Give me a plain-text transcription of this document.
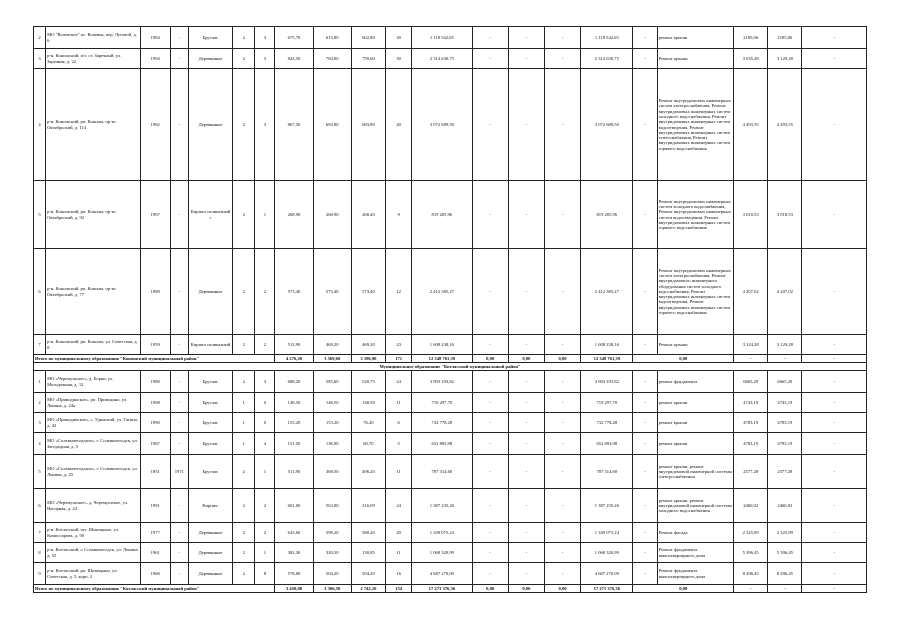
2	МО "Вочевское" пс. Вочевка, пер. Луговой, д. 6	1984	-	Брусчат.	2	3	675,70	615,80	602,80	30	1 118 542,65	-	-	-	1 118 542,65	-	ремонт крыши	2185,06	2185,06	-
3	р-н. Коношский, п/з. ст. Заречный, ул. Заречная, д. 22	1994	-	Деревянные	2	3	843,50	784,80	759,60	30	2 314 630,75	-	-	-	2 314 630,75	-	Ремонт крыши	3 635,28	3 129,28	-
4	р-н. Коношский, рп. Коноша, пр-кт. Октябрьский, д. 114	1982	-	Деревянные	2	3	867,30	693,80	683,80	40	3 072 689,50	-	-	-	3 072 689,50	-	Ремонт внутридомовых инженерных систем электроснабжения, Ремонт внутридомовых инженерных систем холодного водоснабжения, Ремонт внутридомовых инженерных систем водоотведения, Ремонт внутридомовых инженерных систем теплоснабжения, Ремонт внутридомовых инженерных систем горячего водоснабжения	4 493,55	4 493,55	-
5	р-н. Коношский, рп. Коноша, пр-кт. Октябрьский, д. 92	1997	-	Кирпич силикатный с	2	1	268,90	268,90	268,40	9	819 205,96	-	-	-	819 205,96	-	Ремонт внутридомовых инженерных систем холодного водоснабжения, Ремонт внутридомовых инженерных систем водоотведения, Ремонт внутридомовых инженерных систем горячего водоснабжения	3 018,53	3 018,53	-
6	р-н. Коношский, рп. Коноша, пр-кт. Октябрьский, д. 77	1989	-	Деревянные	2	2	573,40	573,40	573,40	12	2 412 385,27	-	-	-	2 412 385,27	-	Ремонт внутридомовых инженерных систем электроснабжения, Ремонт внутридомового инженерного оборудования систем холодного водоснабжения, Ремонт внутридомовых инженерных систем водоотведения, Ремонт внутридомовых инженерных систем горячего водоснабжения	4 207,02	4 207,02	-
7	р-н. Коношский, рп. Коноша, ул. Советская, д. 8	1959	-	Кирпич силикатный	2	2	513,90	469,20	469,20	23	1 608 238,16	-	-	-	1 608 238,16	-	Ремонт крыши	3 124,28	3 129,28	-
Итого по муниципальному образованию "Коношский муниципальный район"							4 276,20	3 569,60	3 186,90	171	12 348 761,39	0,00	0,00	0,00	12 348 761,39	0,00		-	-	-
Муниципальное образование "Котласский муниципальный район"																				
1	МО «Черемушское», д. Борки, ул. Молодежная, д. 12	1980	-	Брусчат.	2	3	688,20	585,60	520,75	24	3 903 193,82	-	-	-	3 903 193,82	-	ремонт фундамента	6665,29	6665,29	-
2	МО «Приводинское», рп. Приводино, ул. Ленина, д. 24а	1998	-	Брусчат.	1	0	148,50	148,50	148,50	11	719 297,70	-	-	-	719 297,70	-	ремонт крыши	4743,19	4743,19	-
3	МО «Приводинское», с. Удимский, ул. Гагина, д. 42	1990	-	Брусчат.	1	0	153,20	153,20	76,20	6	732 778,28	-	-	-	732 778,28	-	ремонт крыши	4783,19	4783,19	-
4	МО «Сольвычегодское», г. Сольвычегодск, ул. Загородная, д. 5	1967	-	Брусчат.	1	4	151,50	136,90	60,70	5	652 893,98	-	-	-	652 893,98	-	ремонт крыши	4783,19	4783,19	-
5	МО «Сольвычегодское», г. Сольвычегодск, ул. Ленина, д. 25	1851	1971	Брусчат.	2	1	511,90	368,50	496,20	11	787 314,60	-	-	-	787 314,60	-	ремонт крыши, ремонт внутридомовой инженерной системы электроснабжения	2577,28	2577,28	-
6	МО «Черемушское», д. Черемушское, ул. Нагорная, д. 24	1991	-	Кирпич.	2	2	601,00	563,80	316,09	24	1 387 235,26	-	-	-	1 387 235,26	-	ремонт крыши, ремонт внутридомовой инженерной системы холодного водоснабжения	2460,02	2460,02	-
7	р-н. Котласский, пгт. Шипицыно, ул. Комиссарова, д. 58	1977	-	Деревянные	2	2	643,60	598,20	580,20	20	1 349 075,24	-	-	-	1 349 075,24	-	Ремонт фасада	2 325,89	2 325,89	-
8	р-н. Котласский, г. Сольвычегодск, ул. Ленина, д. 55	1961	-	Деревянные	2	1	382,30	320,50	130,85	11	1 068 320,99	-	-	-	1 068 320,99	-	Ремонт фундамента многоквартирного дома	5 396,45	5 396,45	-
9	р-н. Котласский, рп. Шипицыно, ул. Советская, д. 5, корп. 2	1960	-	Деревянные	2	8	578,80	504,20	504,20	16	4 687 270,09	-	-	-	4 687 270,09	-	Ремонт фундамента многоквартирного дома	8 296,45	8 296,45	-
Итого по муниципальному образованию "Котласский муниципальный район"							3 450,00	3 306,50	2 742,10	154	17 271 376,36	0,00	0,00	0,00	17 271 376,36	0,00		-	-	-
